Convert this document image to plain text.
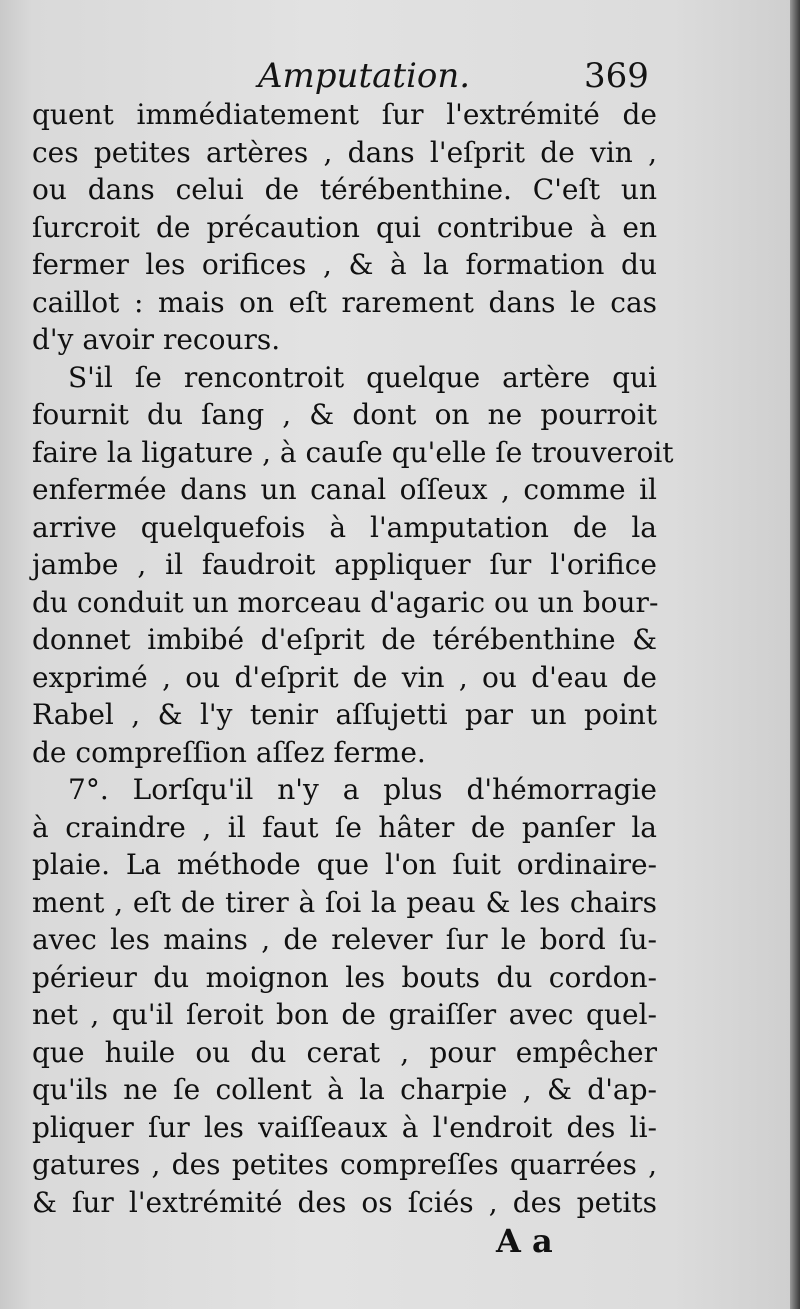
Amputation.	369
quent immédiatement ſur l'extrémité de
ces petites artères , dans l'eſprit de vin ,
ou dans celui de térébenthine. C'eſt un
ſurcroit de précaution qui contribue à en
fermer les orifices , & à la formation du
caillot : mais on eſt rarement dans le cas
d'y avoir recours.
S'il ſe rencontroit quelque artère qui
fournit du ſang , & dont on ne pourroit
faire la ligature , à cauſe qu'elle ſe trouveroit
enfermée dans un canal oſſeux , comme il
arrive quelquefois à l'amputation de la
jambe , il faudroit appliquer ſur l'orifice
du conduit un morceau d'agaric ou un bour-
donnet imbibé d'eſprit de térébenthine &
exprimé , ou d'eſprit de vin , ou d'eau de
Rabel , & l'y tenir aſſujetti par un point
de compreſſion aſſez ferme.
7°. Lorſqu'il n'y a plus d'hémorragie
à craindre , il faut ſe hâter de panſer la
plaie. La méthode que l'on ſuit ordinaire-
ment , eſt de tirer à ſoi la peau & les chairs
avec les mains , de relever ſur le bord ſu-
périeur du moignon les bouts du cordon-
net , qu'il ſeroit bon de graiſſer avec quel-
que huile ou du cerat , pour empêcher
qu'ils ne ſe collent à la charpie , & d'ap-
pliquer ſur les vaiſſeaux à l'endroit des li-
gatures , des petites compreſſes quarrées ,
& ſur l'extrémité des os ſciés , des petits
A a
